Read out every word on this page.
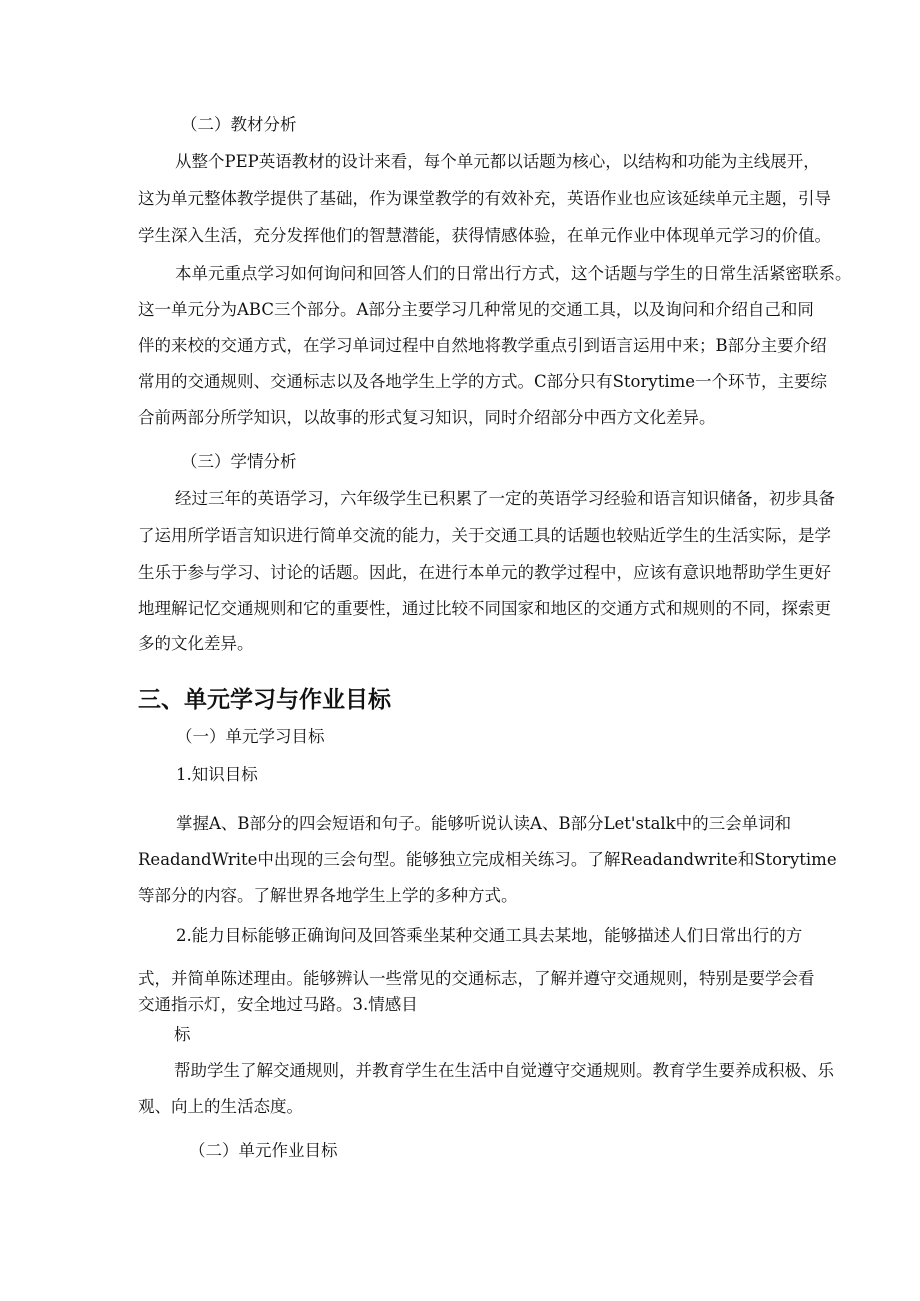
（二）教材分析
从整个PEP英语教材的设计来看，每个单元都以话题为核心，以结构和功能为主线展开，
这为单元整体教学提供了基础，作为课堂教学的有效补充，英语作业也应该延续单元主题，引导
学生深入生活，充分发挥他们的智慧潜能，获得情感体验，在单元作业中体现单元学习的价值。
本单元重点学习如何询问和回答人们的日常出行方式，这个话题与学生的日常生活紧密联系。
这一单元分为ABC三个部分。A部分主要学习几种常见的交通工具，以及询问和介绍自己和同
伴的来校的交通方式，在学习单词过程中自然地将教学重点引到语言运用中来；B部分主要介绍
常用的交通规则、交通标志以及各地学生上学的方式。C部分只有Storytime一个环节，主要综
合前两部分所学知识，以故事的形式复习知识，同时介绍部分中西方文化差异。
（三）学情分析
经过三年的英语学习，六年级学生已积累了一定的英语学习经验和语言知识储备，初步具备
了运用所学语言知识进行简单交流的能力，关于交通工具的话题也较贴近学生的生活实际，是学
生乐于参与学习、讨论的话题。因此，在进行本单元的教学过程中，应该有意识地帮助学生更好
地理解记忆交通规则和它的重要性，通过比较不同国家和地区的交通方式和规则的不同，探索更
多的文化差异。
三、单元学习与作业目标
（一）单元学习目标
1.知识目标
掌握A、B部分的四会短语和句子。能够听说认读A、B部分Let'stalk中的三会单词和
ReadandWrite中出现的三会句型。能够独立完成相关练习。了解Readandwrite和Storytime
等部分的内容。了解世界各地学生上学的多种方式。
2.能力目标能够正确询问及回答乘坐某种交通工具去某地，能够描述人们日常出行的方
式，并简单陈述理由。能够辨认一些常见的交通标志，了解并遵守交通规则，特别是要学会看
交通指示灯，安全地过马路。3.情感目
标
帮助学生了解交通规则，并教育学生在生活中自觉遵守交通规则。教育学生要养成积极、乐
观、向上的生活态度。
（二）单元作业目标
